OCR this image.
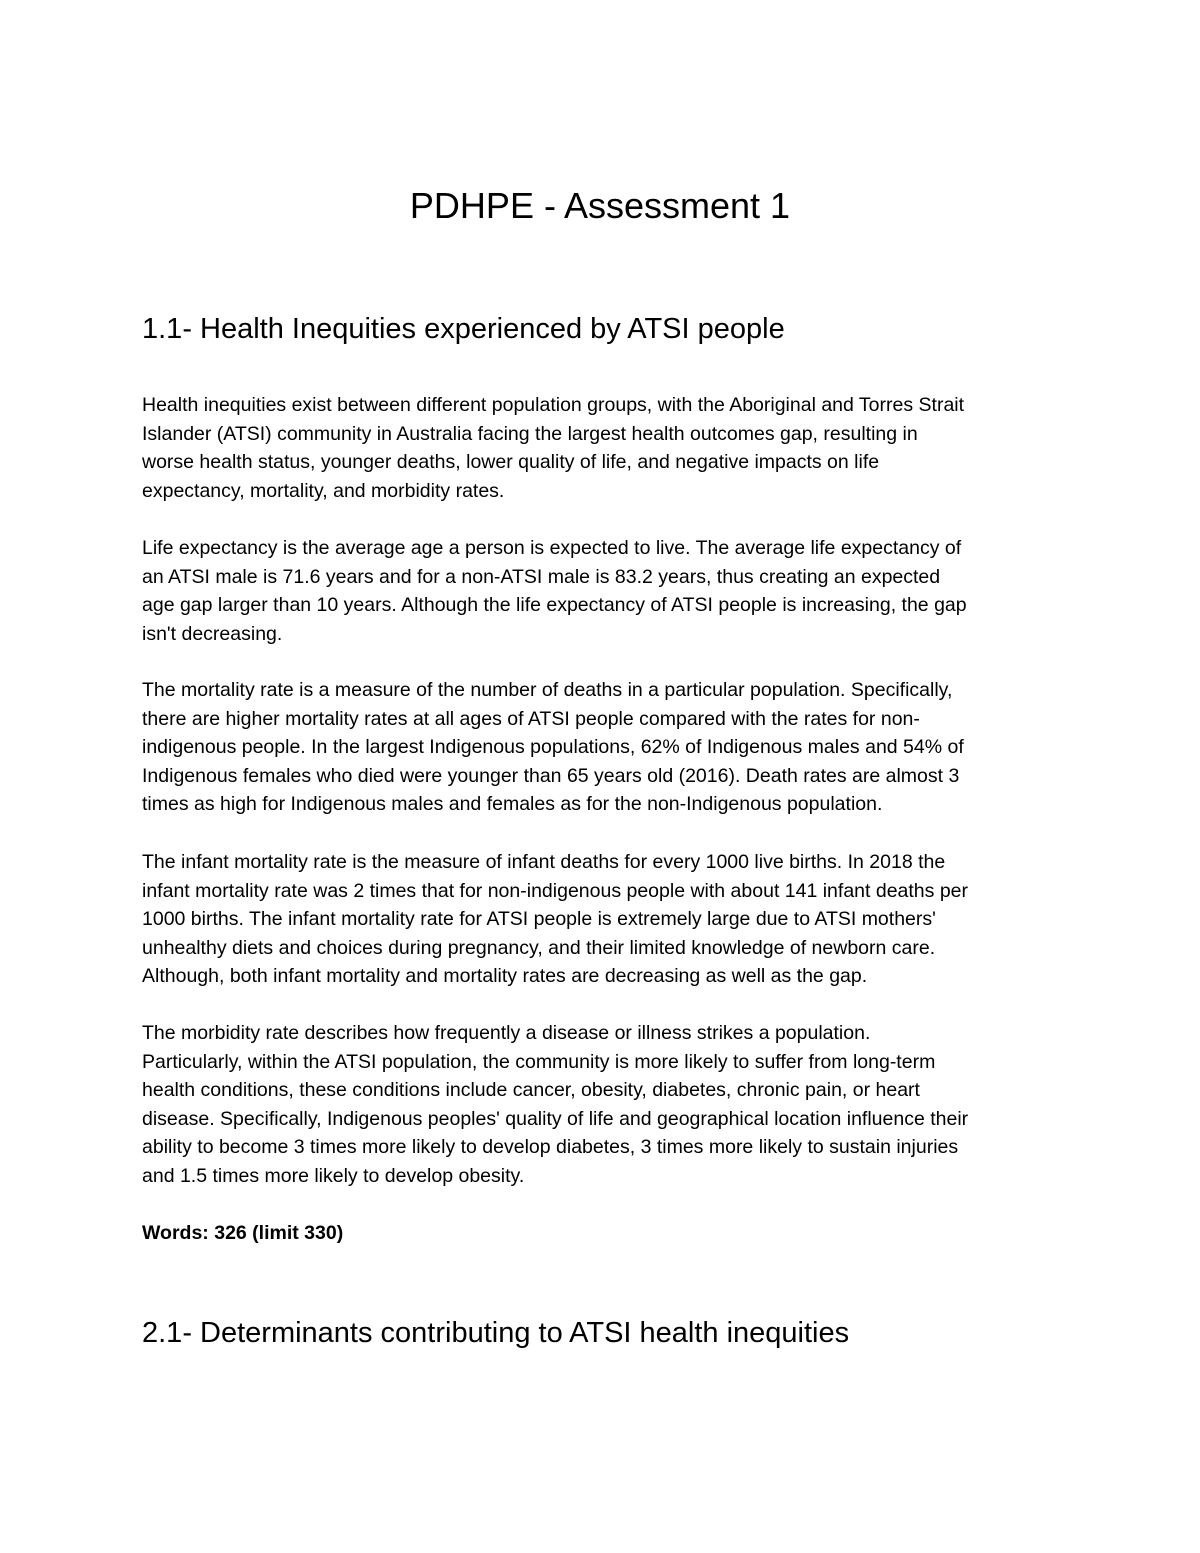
PDHPE - Assessment 1
1.1- Health Inequities experienced by ATSI people
Health inequities exist between different population groups, with the Aboriginal and Torres Strait
Islander (ATSI) community in Australia facing the largest health outcomes gap, resulting in
worse health status, younger deaths, lower quality of life, and negative impacts on life
expectancy, mortality, and morbidity rates.
Life expectancy is the average age a person is expected to live. The average life expectancy of
an ATSI male is 71.6 years and for a non-ATSI male is 83.2 years, thus creating an expected
age gap larger than 10 years. Although the life expectancy of ATSI people is increasing, the gap
isn't decreasing.
The mortality rate is a measure of the number of deaths in a particular population. Specifically,
there are higher mortality rates at all ages of ATSI people compared with the rates for non-
indigenous people. In the largest Indigenous populations, 62% of Indigenous males and 54% of
Indigenous females who died were younger than 65 years old (2016). Death rates are almost 3
times as high for Indigenous males and females as for the non-Indigenous population.
The infant mortality rate is the measure of infant deaths for every 1000 live births. In 2018 the
infant mortality rate was 2 times that for non-indigenous people with about 141 infant deaths per
1000 births. The infant mortality rate for ATSI people is extremely large due to ATSI mothers'
unhealthy diets and choices during pregnancy, and their limited knowledge of newborn care.
Although, both infant mortality and mortality rates are decreasing as well as the gap.
The morbidity rate describes how frequently a disease or illness strikes a population.
Particularly, within the ATSI population, the community is more likely to suffer from long-term
health conditions, these conditions include cancer, obesity, diabetes, chronic pain, or heart
disease. Specifically, Indigenous peoples' quality of life and geographical location influence their
ability to become 3 times more likely to develop diabetes, 3 times more likely to sustain injuries
and 1.5 times more likely to develop obesity.

Words: 326 (limit 330)

2.1- Determinants contributing to ATSI health inequities
